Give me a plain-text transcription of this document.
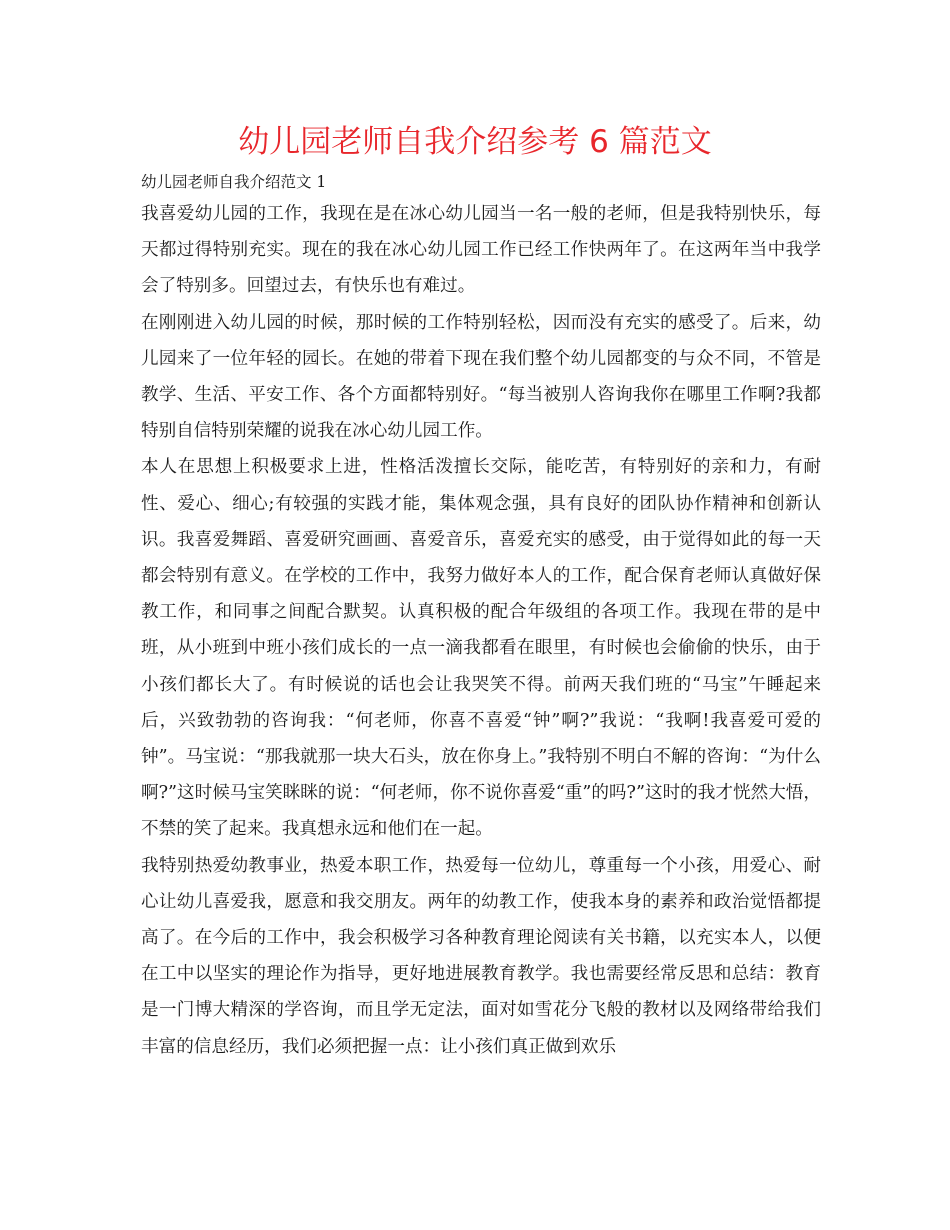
幼儿园老师自我介绍参考 6 篇范文
幼儿园老师自我介绍范文 1

我喜爱幼儿园的工作，我现在是在冰心幼儿园当一名一般的老师，但是我特别快乐，每天都过得特别充实。现在的我在冰心幼儿园工作已经工作快两年了。在这两年当中我学会了特别多。回望过去，有快乐也有难过。

在刚刚进入幼儿园的时候，那时候的工作特别轻松，因而没有充实的感受了。后来，幼儿园来了一位年轻的园长。在她的带着下现在我们整个幼儿园都变的与众不同，不管是教学、生活、平安工作、各个方面都特别好。“每当被别人咨询我你在哪里工作啊?我都特别自信特别荣耀的说我在冰心幼儿园工作。

本人在思想上积极要求上进，性格活泼擅长交际，能吃苦，有特别好的亲和力，有耐性、爱心、细心;有较强的实践才能，集体观念强，具有良好的团队协作精神和创新认识。我喜爱舞蹈、喜爱研究画画、喜爱音乐，喜爱充实的感受，由于觉得如此的每一天都会特别有意义。在学校的工作中，我努力做好本人的工作，配合保育老师认真做好保教工作，和同事之间配合默契。认真积极的配合年级组的各项工作。我现在带的是中班，从小班到中班小孩们成长的一点一滴我都看在眼里，有时候也会偷偷的快乐，由于小孩们都长大了。有时候说的话也会让我哭笑不得。前两天我们班的“马宝”午睡起来后，兴致勃勃的咨询我：“何老师，你喜不喜爱“钟”啊?”我说：“我啊!我喜爱可爱的钟”。马宝说：“那我就那一块大石头，放在你身上。”我特别不明白不解的咨询：“为什么啊?”这时候马宝笑眯眯的说：“何老师，你不说你喜爱“重”的吗?”这时的我才恍然大悟，不禁的笑了起来。我真想永远和他们在一起。

我特别热爱幼教事业，热爱本职工作，热爱每一位幼儿，尊重每一个小孩，用爱心、耐心让幼儿喜爱我，愿意和我交朋友。两年的幼教工作，使我本身的素养和政治觉悟都提高了。在今后的工作中，我会积极学习各种教育理论阅读有关书籍，以充实本人，以便在工中以坚实的理论作为指导，更好地进展教育教学。我也需要经常反思和总结：教育是一门博大精深的学咨询，而且学无定法，面对如雪花分飞般的教材以及网络带给我们丰富的信息经历，我们必须把握一点：让小孩们真正做到欢乐
